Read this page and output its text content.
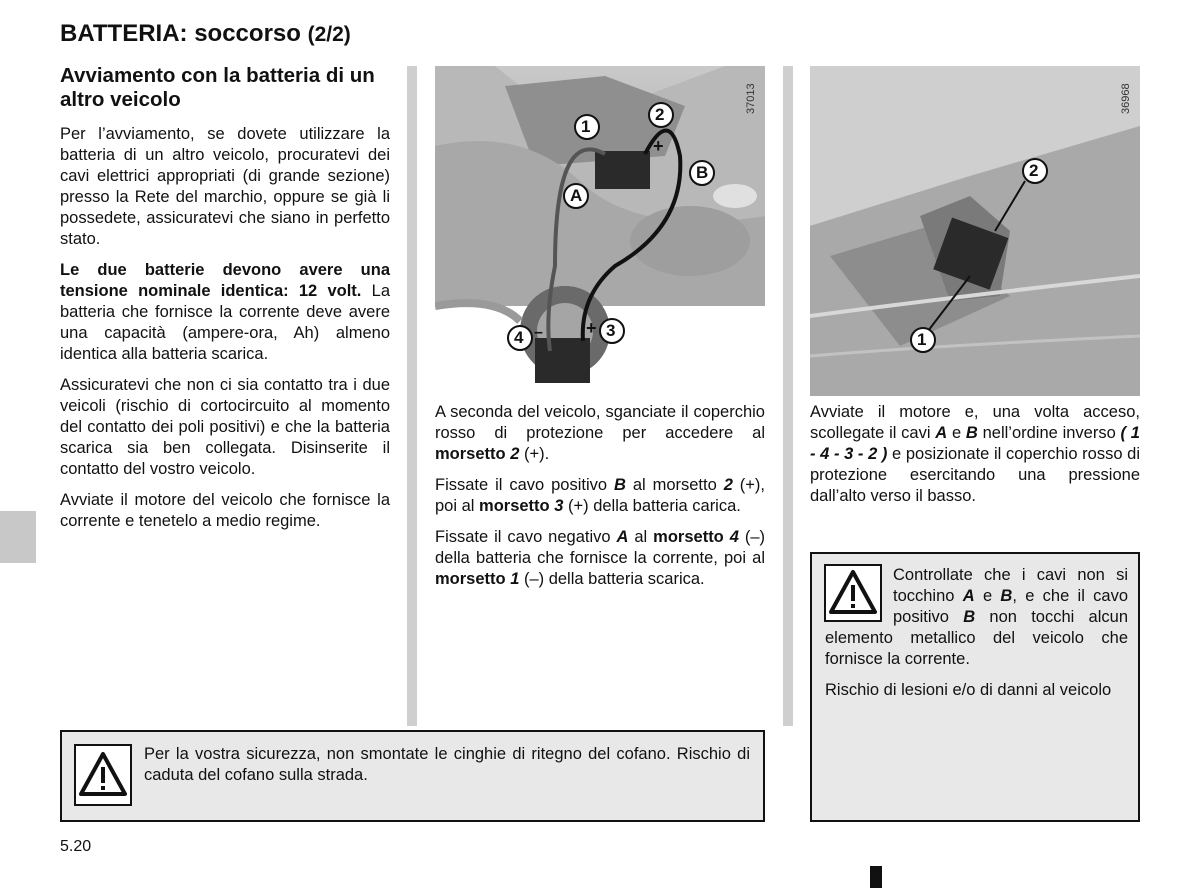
BATTERIA: soccorso (2/2)
Avviamento con la batteria di un altro veicolo

Per l’avviamento, se dovete utilizzare la batteria di un altro veicolo, procuratevi dei cavi elettrici appropriati (di grande sezione) presso la Rete del marchio, oppure se già li possedete, assicuratevi che siano in perfetto stato.

Le due batterie devono avere una tensione nominale identica: 12 volt. La batteria che fornisce la corrente deve avere una capacità (ampere-ora, Ah) almeno identica alla batteria scarica.

Assicuratevi che non ci sia contatto tra i due veicoli (rischio di cortocircuito al momento del contatto dei poli positivi) e che la batteria scarica sia ben collegata. Disinserite il contatto del vostro veicolo.

Avviate il motore del veicolo che fornisce la corrente e tenetelo a medio regime.

37013
1
2
B
A
4	3
+
+
–
36968
2
1

A seconda del veicolo, sganciate il coperchio rosso di protezione per accedere al morsetto 2 (+).

Fissate il cavo positivo B al morsetto 2 (+), poi al morsetto 3 (+) della batteria carica.

Fissate il cavo negativo A al morsetto 4 (–) della batteria che fornisce la corrente, poi al morsetto 1 (–) della batteria scarica.

Avviate il motore e, una volta acceso, scollegate il cavi A e B nell’ordine inverso ( 1 - 4 - 3 - 2 ) e posizionate il coperchio rosso di protezione esercitando una pressione dall’alto verso il basso.

Controllate che i cavi non si tocchino A e B, e che il cavo positivo B non tocchi alcun elemento metallico del veicolo che fornisce la corrente.
Rischio di lesioni e/o di danni al veicolo
Per la vostra sicurezza, non smontate le cinghie di ritegno del cofano. Rischio di caduta del cofano sulla strada.
5.20
